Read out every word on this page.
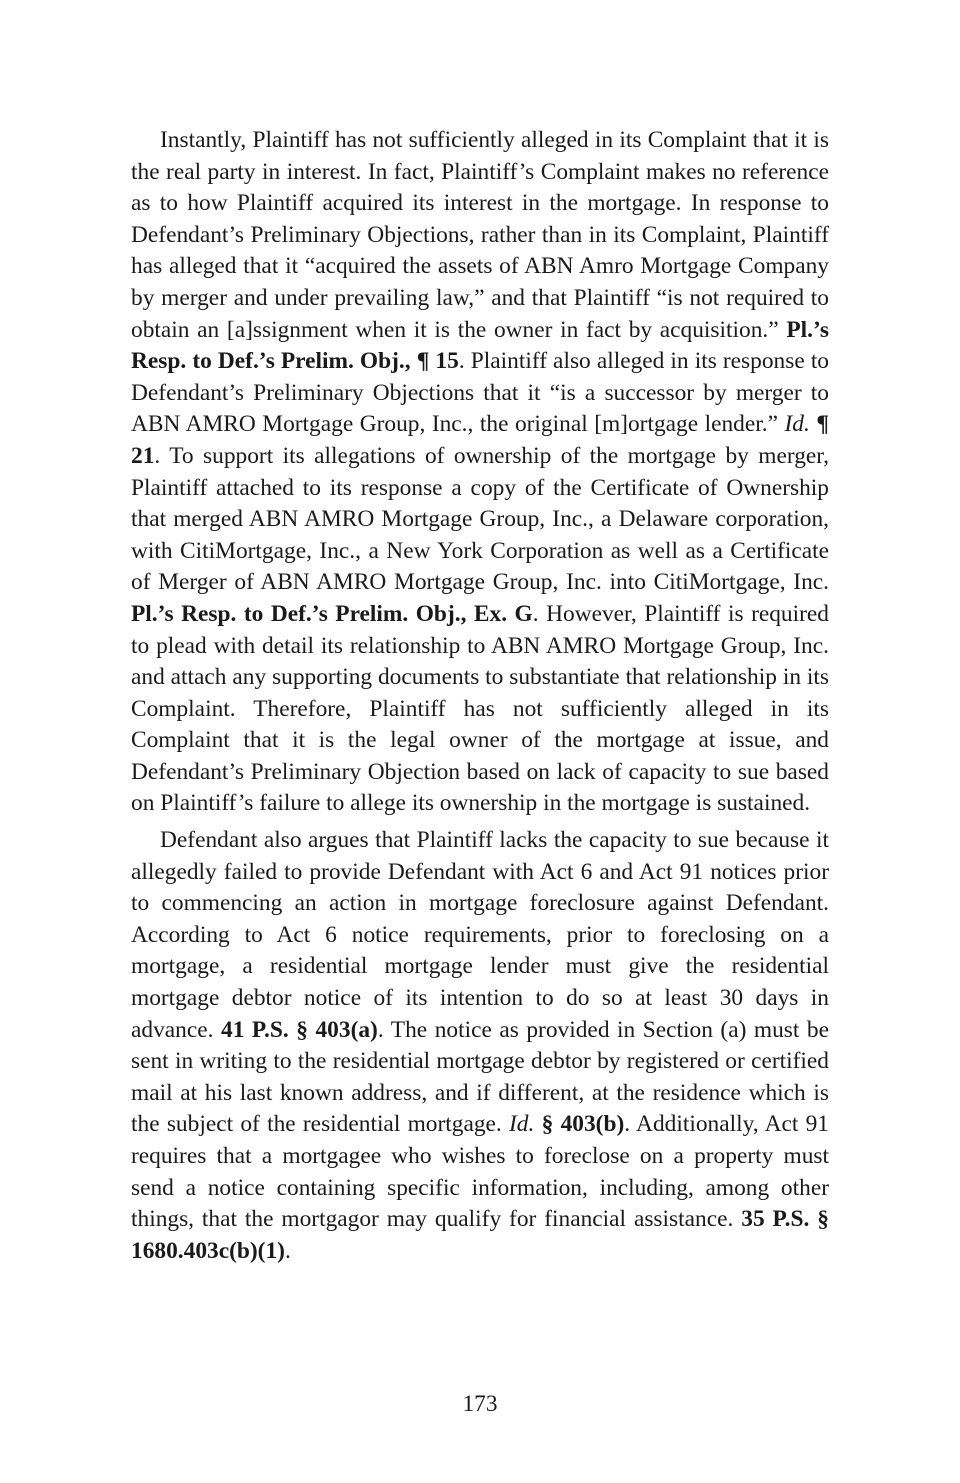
Instantly, Plaintiff has not sufficiently alleged in its Complaint that it is the real party in interest. In fact, Plaintiff’s Complaint makes no reference as to how Plaintiff acquired its interest in the mortgage. In response to Defendant’s Preliminary Objections, rather than in its Complaint, Plaintiff has alleged that it “acquired the assets of ABN Amro Mortgage Company by merger and under prevailing law,” and that Plaintiff “is not required to obtain an [a]ssignment when it is the owner in fact by acquisition.” Pl.’s Resp. to Def.’s Prelim. Obj., ¶ 15. Plaintiff also alleged in its response to Defendant’s Preliminary Objections that it “is a successor by merger to ABN AMRO Mortgage Group, Inc., the original [m]ortgage lender.” Id. ¶ 21. To support its allegations of ownership of the mortgage by merger, Plaintiff attached to its response a copy of the Certificate of Ownership that merged ABN AMRO Mortgage Group, Inc., a Delaware corporation, with CitiMortgage, Inc., a New York Corporation as well as a Certificate of Merger of ABN AMRO Mortgage Group, Inc. into CitiMortgage, Inc. Pl.’s Resp. to Def.’s Prelim. Obj., Ex. G. However, Plaintiff is required to plead with detail its relationship to ABN AMRO Mortgage Group, Inc. and attach any supporting documents to substantiate that relationship in its Complaint. Therefore, Plaintiff has not sufficiently alleged in its Complaint that it is the legal owner of the mortgage at issue, and Defendant’s Preliminary Objection based on lack of capacity to sue based on Plaintiff’s failure to allege its ownership in the mortgage is sustained.

Defendant also argues that Plaintiff lacks the capacity to sue because it allegedly failed to provide Defendant with Act 6 and Act 91 notices prior to commencing an action in mortgage foreclosure against Defendant. According to Act 6 notice requirements, prior to foreclosing on a mortgage, a residential mortgage lender must give the residential mortgage debtor notice of its intention to do so at least 30 days in advance. 41 P.S. § 403(a). The notice as provided in Section (a) must be sent in writing to the residential mortgage debtor by registered or certified mail at his last known address, and if different, at the residence which is the subject of the residential mortgage. Id. § 403(b). Additionally, Act 91 requires that a mortgagee who wishes to foreclose on a property must send a notice containing specific information, including, among other things, that the mortgagor may qualify for financial assistance. 35 P.S. § 1680.403c(b)(1).

173
